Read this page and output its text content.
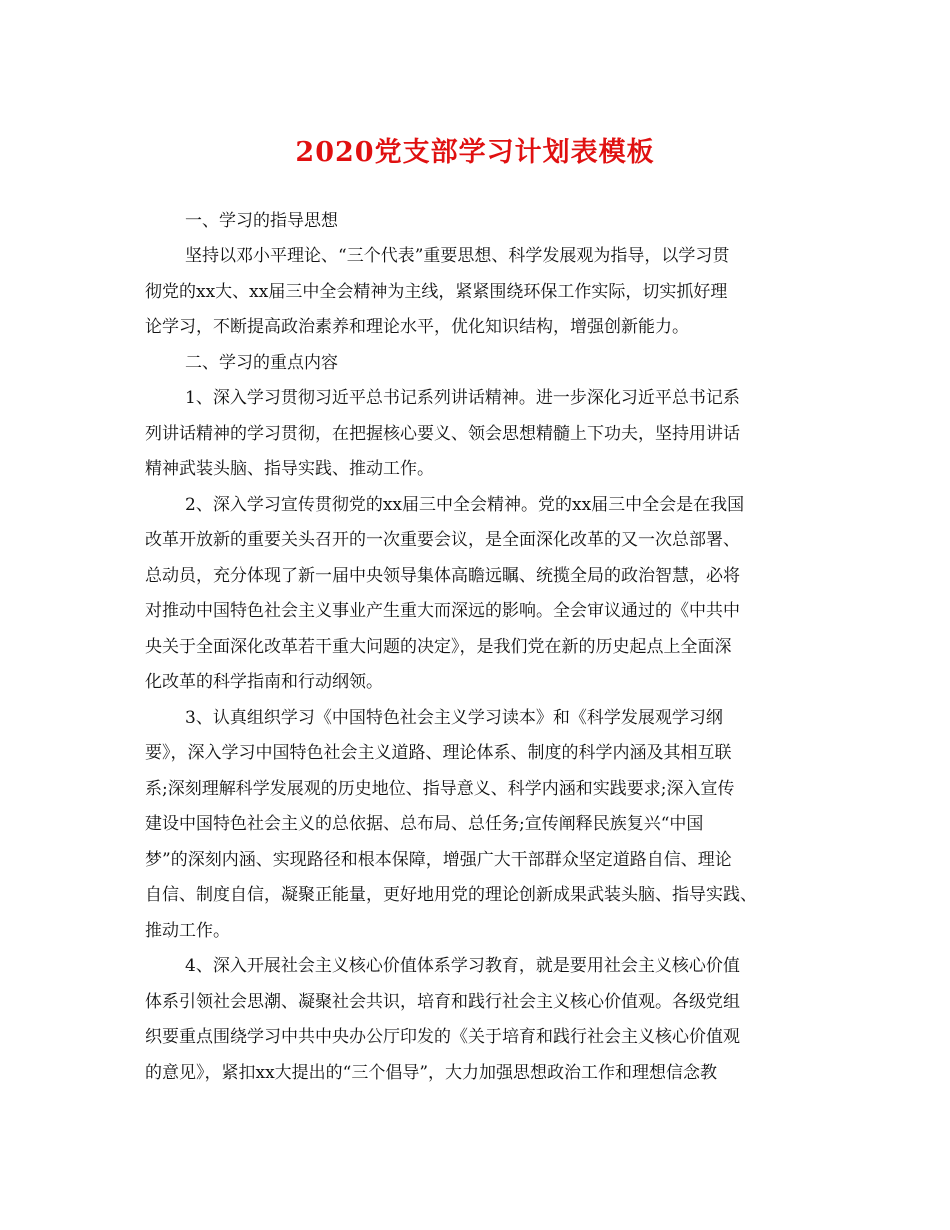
2020党支部学习计划表模板
一、学习的指导思想
坚持以邓小平理论、“三个代表”重要思想、科学发展观为指导，以学习贯
彻党的xx大、xx届三中全会精神为主线，紧紧围绕环保工作实际，切实抓好理
论学习，不断提高政治素养和理论水平，优化知识结构，增强创新能力。
二、学习的重点内容
1、深入学习贯彻习近平总书记系列讲话精神。进一步深化习近平总书记系
列讲话精神的学习贯彻，在把握核心要义、领会思想精髓上下功夫，坚持用讲话
精神武装头脑、指导实践、推动工作。
2、深入学习宣传贯彻党的xx届三中全会精神。党的xx届三中全会是在我国
改革开放新的重要关头召开的一次重要会议，是全面深化改革的又一次总部署、
总动员，充分体现了新一届中央领导集体高瞻远瞩、统揽全局的政治智慧，必将
对推动中国特色社会主义事业产生重大而深远的影响。全会审议通过的《中共中
央关于全面深化改革若干重大问题的决定》，是我们党在新的历史起点上全面深
化改革的科学指南和行动纲领。
3、认真组织学习《中国特色社会主义学习读本》和《科学发展观学习纲
要》，深入学习中国特色社会主义道路、理论体系、制度的科学内涵及其相互联
系;深刻理解科学发展观的历史地位、指导意义、科学内涵和实践要求;深入宣传
建设中国特色社会主义的总依据、总布局、总任务;宣传阐释民族复兴“中国
梦”的深刻内涵、实现路径和根本保障，增强广大干部群众坚定道路自信、理论
自信、制度自信，凝聚正能量，更好地用党的理论创新成果武装头脑、指导实践、
推动工作。
4、深入开展社会主义核心价值体系学习教育，就是要用社会主义核心价值
体系引领社会思潮、凝聚社会共识，培育和践行社会主义核心价值观。各级党组
织要重点围绕学习中共中央办公厅印发的《关于培育和践行社会主义核心价值观
的意见》，紧扣xx大提出的“三个倡导”，大力加强思想政治工作和理想信念教
